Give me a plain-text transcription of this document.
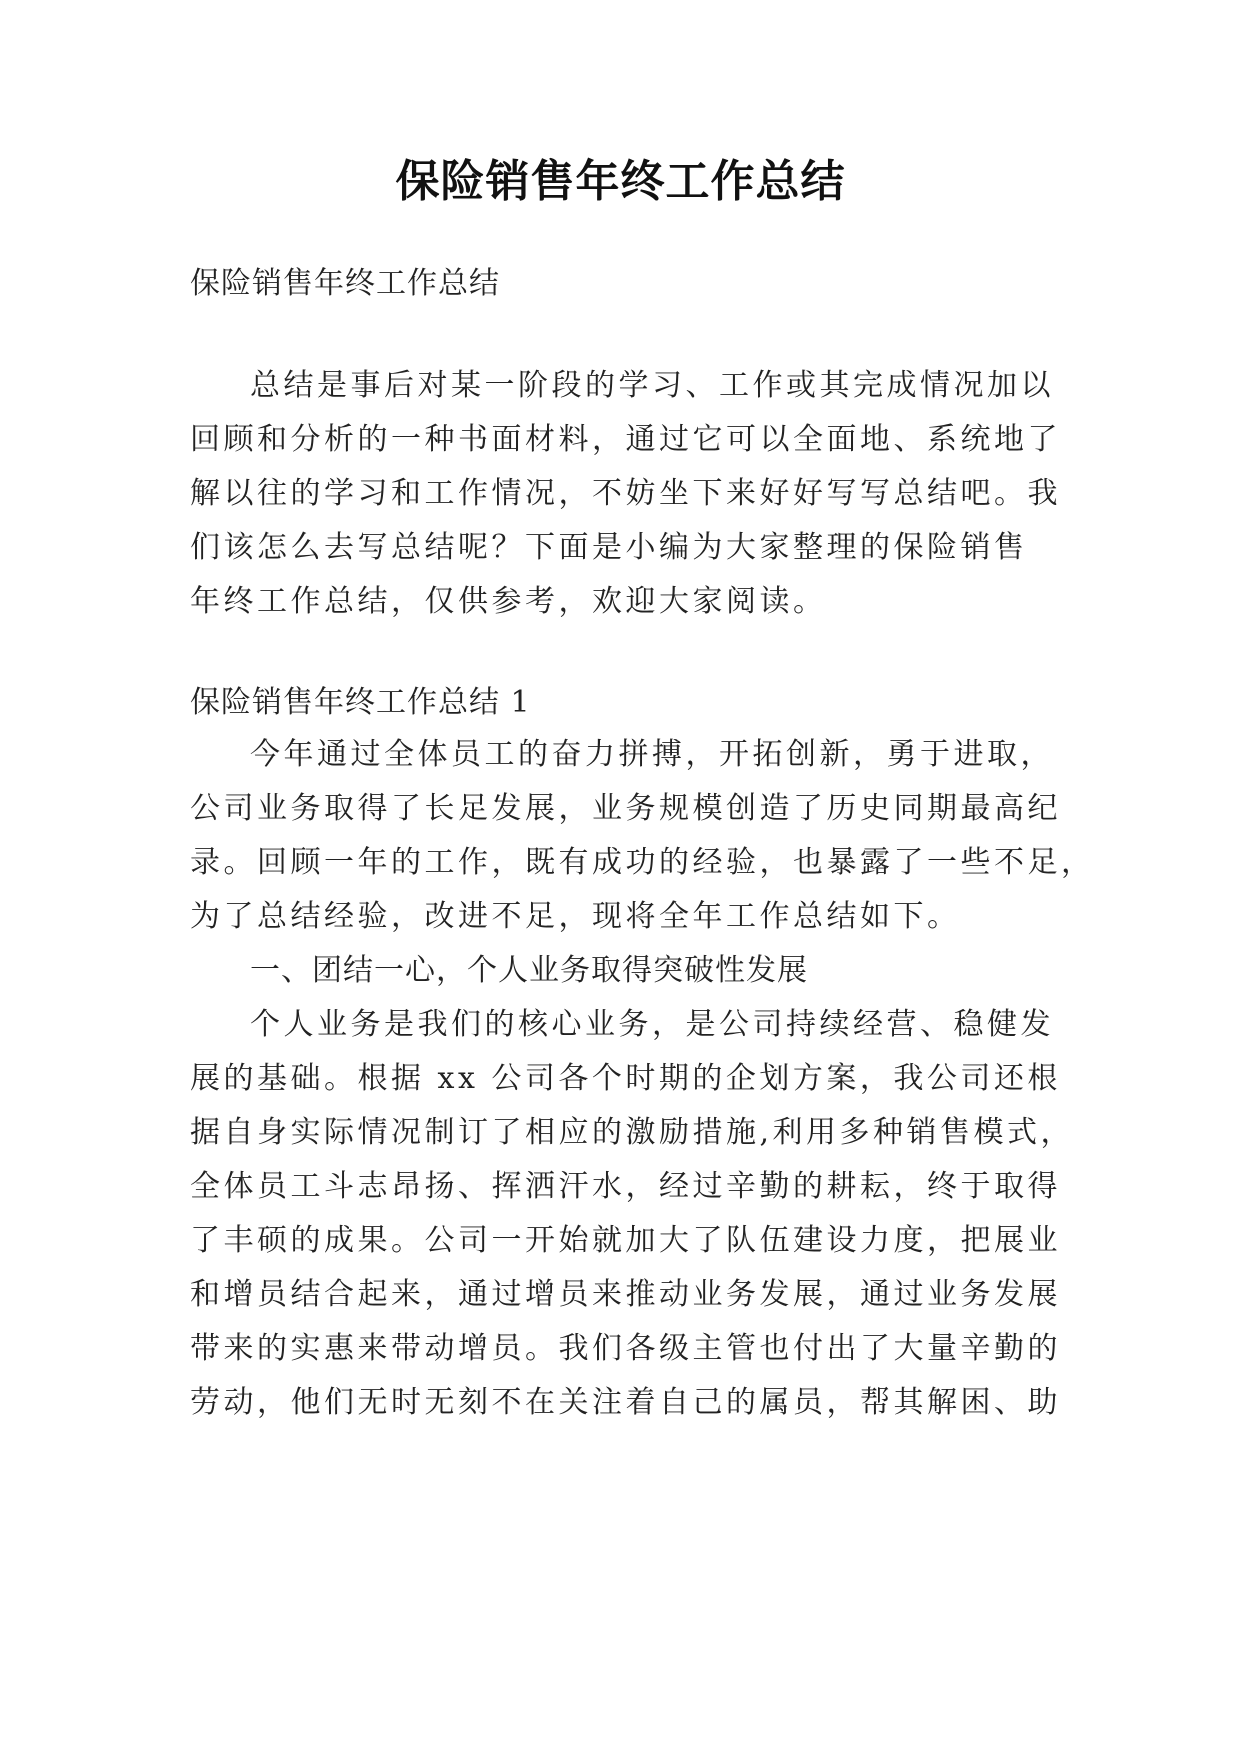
保险销售年终工作总结
保险销售年终工作总结
总结是事后对某一阶段的学习、工作或其完成情况加以
回顾和分析的一种书面材料，通过它可以全面地、系统地了
解以往的学习和工作情况，不妨坐下来好好写写总结吧。我
们该怎么去写总结呢？下面是小编为大家整理的保险销售
年终工作总结，仅供参考，欢迎大家阅读。
保险销售年终工作总结 1
今年通过全体员工的奋力拼搏，开拓创新，勇于进取，
公司业务取得了长足发展，业务规模创造了历史同期最高纪
录。回顾一年的工作，既有成功的经验，也暴露了一些不足，
为了总结经验，改进不足，现将全年工作总结如下。
一、团结一心，个人业务取得突破性发展
个人业务是我们的核心业务，是公司持续经营、稳健发
展的基础。根据 xx 公司各个时期的企划方案，我公司还根
据自身实际情况制订了相应的激励措施,利用多种销售模式，
全体员工斗志昂扬、挥洒汗水，经过辛勤的耕耘，终于取得
了丰硕的成果。公司一开始就加大了队伍建设力度，把展业
和增员结合起来，通过增员来推动业务发展，通过业务发展
带来的实惠来带动增员。我们各级主管也付出了大量辛勤的
劳动，他们无时无刻不在关注着自己的属员，帮其解困、助
